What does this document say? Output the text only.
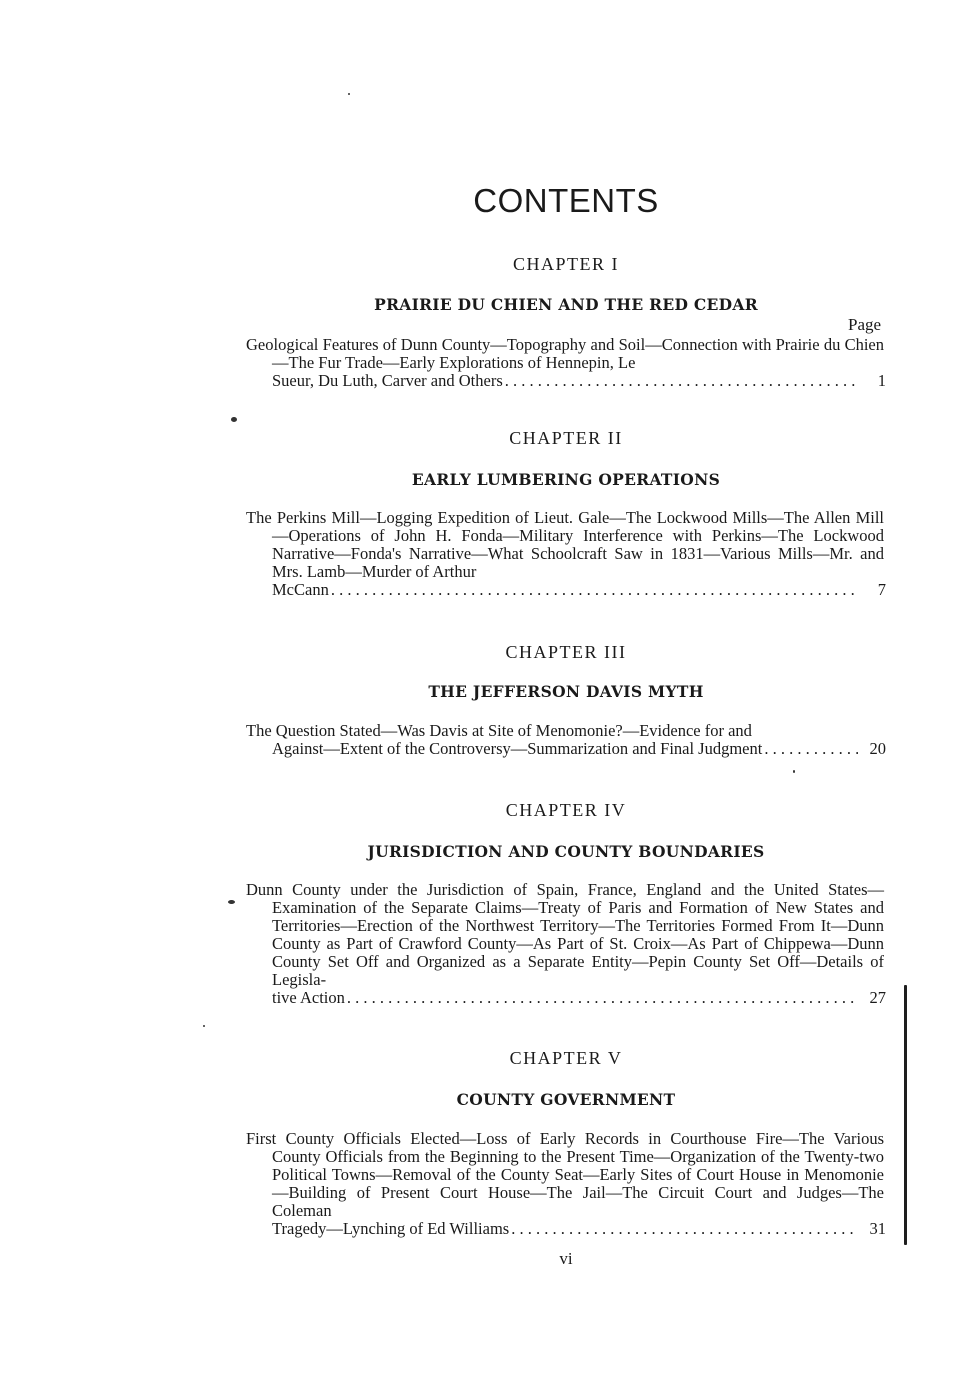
CONTENTS
CHAPTER I
PRAIRIE DU CHIEN AND THE RED CEDAR
Page
Geological Features of Dunn County—Topography and Soil—Connection with Prairie du Chien—The Fur Trade—Early Explorations of Hennepin, Le
Sueur, Du Luth, Carver and Others . . .	1
CHAPTER II
EARLY LUMBERING OPERATIONS
The Perkins Mill—Logging Expedition of Lieut. Gale—The Lockwood Mills—The Allen Mill—Operations of John H. Fonda—Military Interference with Perkins—The Lockwood Narrative—Fonda's Narrative—What Schoolcraft Saw in 1831—Various Mills—Mr. and Mrs. Lamb—Murder of Arthur
McCann . . .	7
CHAPTER III
THE JEFFERSON DAVIS MYTH
The Question Stated—Was Davis at Site of Menomonie?—Evidence for and
Against—Extent of the Controversy—Summarization and Final Judgment . . .	20
CHAPTER IV
JURISDICTION AND COUNTY BOUNDARIES
Dunn County under the Jurisdiction of Spain, France, England and the United States—Examination of the Separate Claims—Treaty of Paris and Formation of New States and Territories—Erection of the Northwest Territory—The Territories Formed From It—Dunn County as Part of Crawford County—As Part of St. Croix—As Part of Chippewa—Dunn County Set Off and Organized as a Separate Entity—Pepin County Set Off—Details of Legisla-
tive Action . . .	27
CHAPTER V
COUNTY GOVERNMENT
First County Officials Elected—Loss of Early Records in Courthouse Fire—The Various County Officials from the Beginning to the Present Time—Organization of the Twenty-two Political Towns—Removal of the County Seat—Early Sites of Court House in Menomonie—Building of Present Court House—The Jail—The Circuit Court and Judges—The Coleman
Tragedy—Lynching of Ed Williams . . .	31
vi
